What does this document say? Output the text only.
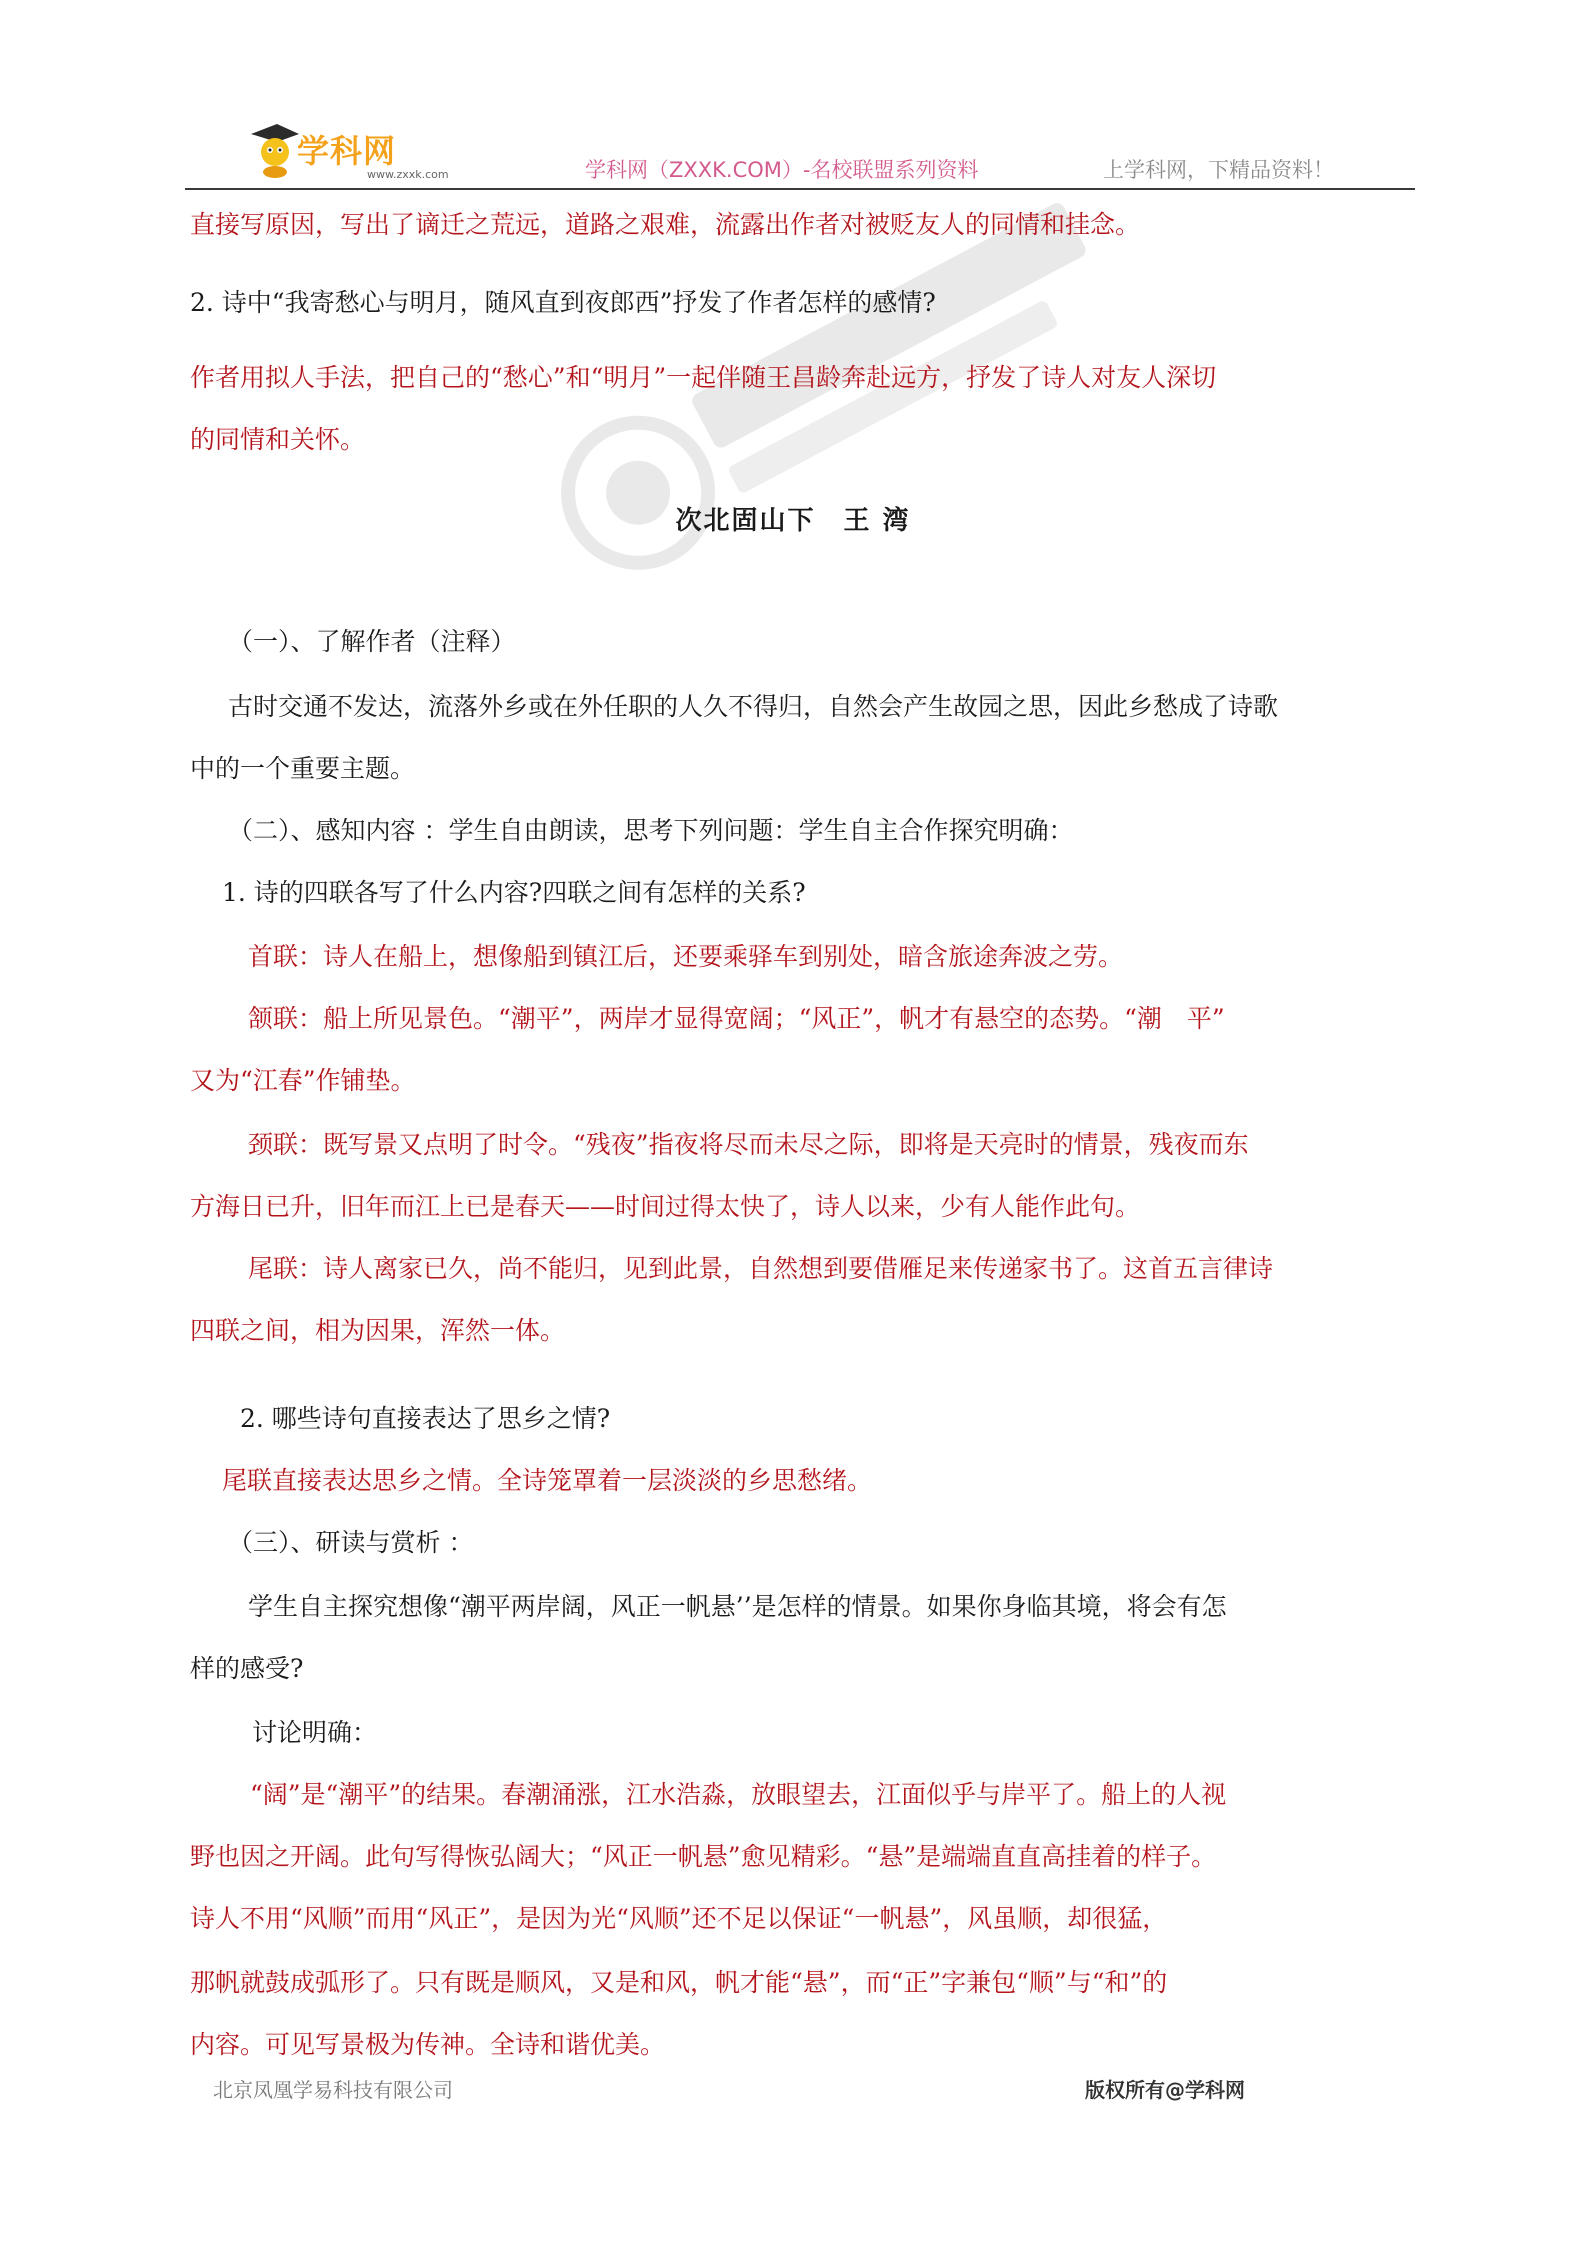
学科网
www.zxxk.com	学科网（ZXXK.COM）-名校联盟系列资料	上学科网，下精品资料！
直接写原因，写出了谪迁之荒远，道路之艰难，流露出作者对被贬友人的同情和挂念。
2. 诗中“我寄愁心与明月，随风直到夜郎西”抒发了作者怎样的感情?
作者用拟人手法，把自己的“愁心”和“明月”一起伴随王昌龄奔赴远方，抒发了诗人对友人深切
的同情和关怀。
次北固山下　王 湾
（一）、了解作者（注释）
古时交通不发达，流落外乡或在外任职的人久不得归，自然会产生故园之思，因此乡愁成了诗歌
中的一个重要主题。
（二）、感知内容 ：学生自由朗读，思考下列问题：学生自主合作探究明确：
1. 诗的四联各写了什么内容?四联之间有怎样的关系?
首联：诗人在船上，想像船到镇江后，还要乘驿车到别处，暗含旅途奔波之劳。
颔联：船上所见景色。“潮平”，两岸才显得宽阔；“风正”，帆才有悬空的态势。“潮　平”
又为“江春”作铺垫。
颈联：既写景又点明了时令。“残夜”指夜将尽而未尽之际，即将是天亮时的情景，残夜而东
方海日已升，旧年而江上已是春天——时间过得太快了，诗人以来，少有人能作此句。
尾联：诗人离家已久，尚不能归，见到此景，自然想到要借雁足来传递家书了。这首五言律诗
四联之间，相为因果，浑然一体。
2. 哪些诗句直接表达了思乡之情?
尾联直接表达思乡之情。全诗笼罩着一层淡淡的乡思愁绪。
（三）、研读与赏析 ：
学生自主探究想像“潮平两岸阔，风正一帆悬’’是怎样的情景。如果你身临其境，将会有怎
样的感受?
讨论明确：
“阔”是“潮平”的结果。春潮涌涨，江水浩淼，放眼望去，江面似乎与岸平了。船上的人视
野也因之开阔。此句写得恢弘阔大；“风正一帆悬”愈见精彩。“悬”是端端直直高挂着的样子。
诗人不用“风顺”而用“风正”，是因为光“风顺”还不足以保证“一帆悬”，风虽顺，却很猛，
那帆就鼓成弧形了。只有既是顺风，又是和风，帆才能“悬”，而“正”字兼包“顺”与“和”的
内容。可见写景极为传神。全诗和谐优美。
北京凤凰学易科技有限公司	版权所有@学科网
